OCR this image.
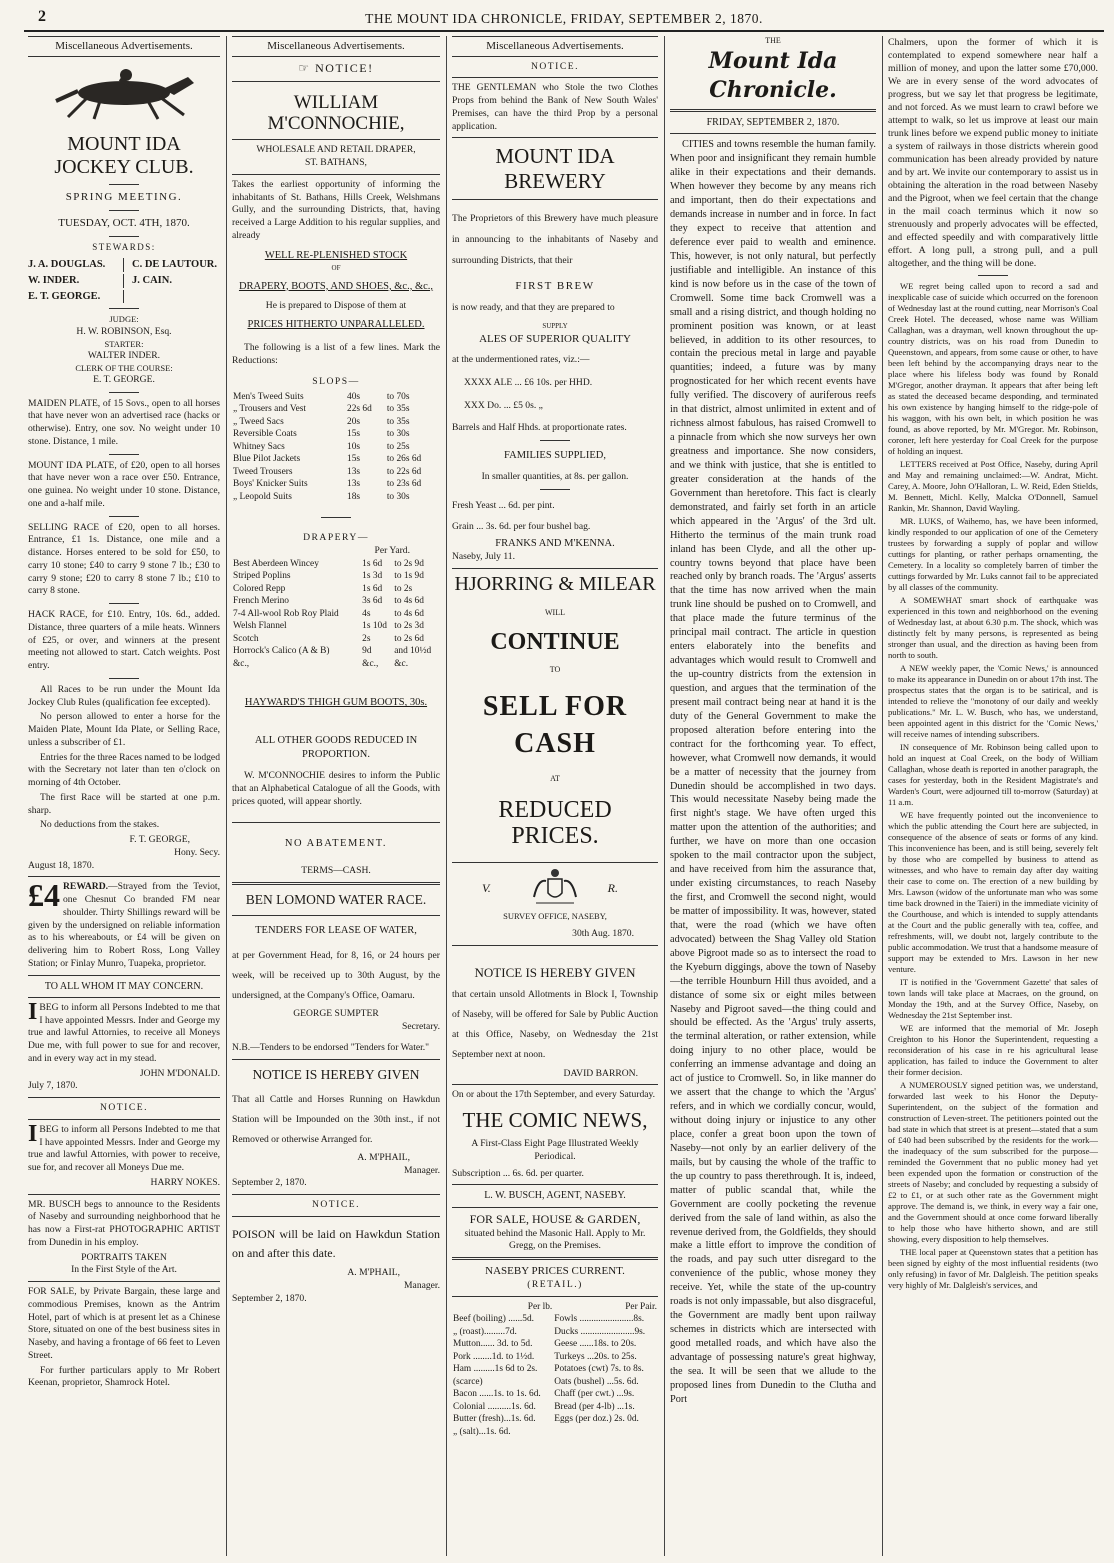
2	THE MOUNT IDA CHRONICLE, FRIDAY, SEPTEMBER 2, 1870.
Miscellaneous Advertisements.
MOUNT IDA JOCKEY CLUB.
SPRING MEETING.
TUESDAY, OCT. 4TH, 1870.
STEWARDS:
J. A. DOUGLAS.	C. DE LAUTOUR.
W. INDER.	J. CAIN.
E. T. GEORGE.
JUDGE:
H. W. ROBINSON, Esq.
STARTER:
WALTER INDER.
CLERK OF THE COURSE:
E. T. GEORGE.

MAIDEN PLATE, of 15 Sovs., open to all horses that have never won an advertised race (hacks or otherwise). Entry, one sov. No weight under 10 stone. Distance, 1 mile.

MOUNT IDA PLATE, of £20, open to all horses that have never won a race over £50. Entrance, one guinea. No weight under 10 stone. Distance, one and a-half mile.

SELLING RACE of £20, open to all horses. Entrance, £1 1s. Distance, one mile and a distance. Horses entered to be sold for £50, to carry 10 stone; £40 to carry 9 stone 7 lb.; £30 to carry 9 stone; £20 to carry 8 stone 7 lb.; £10 to carry 8 stone.

HACK RACE, for £10. Entry, 10s. 6d., added. Distance, three quarters of a mile heats. Winners of £25, or over, and winners at the present meeting not allowed to start. Catch weights. Post entry.

All Races to be run under the Mount Ida Jockey Club Rules (qualification fee excepted).

No person allowed to enter a horse for the Maiden Plate, Mount Ida Plate, or Selling Race, unless a subscriber of £1.

Entries for the three Races named to be lodged with the Secretary not later than ten o'clock on morning of 4th October.

The first Race will be started at one p.m. sharp.

No deductions from the stakes.

F. T. GEORGE,
Hony. Secy.
August 18, 1870.

£4 REWARD.—Strayed from the Teviot, one Chesnut Co branded FM near shoulder. Thirty Shillings reward will be given by the undersigned on reliable information as to his whereabouts, or £4 will be given on delivering him to Robert Ross, Long Valley Station; or Finlay Munro, Tuapeka, proprietor.

TO ALL WHOM IT MAY CONCERN.

IBEG to inform all Persons Indebted to me that I have appointed Messrs. Inder and George my true and lawful Attornies, to receive all Moneys Due me, with full power to sue for and recover, and in every way act in my stead.

JOHN M'DONALD.
July 7, 1870.
NOTICE.

IBEG to inform all Persons Indebted to me that I have appointed Messrs. Inder and George my true and lawful Attornies, with power to receive, sue for, and recover all Moneys Due me.

HARRY NOKES.

MR. BUSCH begs to announce to the Residents of Naseby and surrounding neighborhood that he has now a First-rat PHOTOGRAPHIC ARTIST from Dunedin in his employ.

PORTRAITS TAKEN
In the First Style of the Art.

FOR SALE, by Private Bargain, these large and commodious Premises, known as the Antrim Hotel, part of which is at present let as a Chinese Store, situated on one of the best business sites in Naseby, and having a frontage of 66 feet to Leven Street.

For further particulars apply to Mr Robert Keenan, proprietor, Shamrock Hotel.

Miscellaneous Advertisements.
☞ NOTICE!
WILLIAM M'CONNOCHIE,
WHOLESALE AND RETAIL DRAPER,
ST. BATHANS,

Takes the earliest opportunity of informing the inhabitants of St. Bathans, Hills Creek, Welshmans Gully, and the surrounding Districts, that, having received a Large Addition to his regular supplies, and already

WELL RE-PLENISHED STOCK
OF
DRAPERY, BOOTS, AND SHOES, &c., &c.,
He is prepared to Dispose of them at
PRICES HITHERTO UNPARALLELED.

The following is a list of a few lines. Mark the Reductions:

SLOPS—
Men's Tweed Suits	40s	to 70s
„ Trousers and Vest	22s 6d	to 35s
„ Tweed Sacs	20s	to 35s
Reversible Coats	15s	to 30s
Whitney Sacs	10s	to 25s
Blue Pilot Jackets	15s	to 26s 6d
Tweed Trousers	13s	to 22s 6d
Boys' Knicker Suits	13s	to 23s 6d
„ Leopold Suits	18s	to 30s
DRAPERY—
Per Yard.
Best Aberdeen Wincey	1s 6d	to 2s 9d
Striped Poplins	1s 3d	to 1s 9d
Colored Repp	1s 6d	to 2s
French Merino	3s 6d	to 4s 6d
7-4 All-wool Rob Roy Plaid	4s	to 4s 6d
Welsh Flannel	1s 10d	to 2s 3d
Scotch	2s	to 2s 6d
Horrock's Calico (A & B)	9d	and 10½d
&c.,	&c.,	&c.
HAYWARD'S THIGH GUM BOOTS, 30s.
ALL OTHER GOODS REDUCED IN PROPORTION.

W. M'CONNOCHIE desires to inform the Public that an Alphabetical Catalogue of all the Goods, with prices quoted, will appear shortly.

NO ABATEMENT.
TERMS—CASH.
BEN LOMOND WATER RACE.
TENDERS FOR LEASE OF WATER,

at per Government Head, for 8, 16, or 24 hours per week, will be received up to 30th August, by the undersigned, at the Company's Office, Oamaru.

GEORGE SUMPTER
Secretary.

N.B.—Tenders to be endorsed "Tenders for Water."

NOTICE IS HEREBY GIVEN

That all Cattle and Horses Running on Hawkdun Station will be Impounded on the 30th inst., if not Removed or otherwise Arranged for.

A. M'PHAIL,
Manager.
September 2, 1870.
NOTICE.

POISON will be laid on Hawkdun Station on and after this date.

A. M'PHAIL,
Manager.
September 2, 1870.
Miscellaneous Advertisements.
NOTICE.

THE GENTLEMAN who Stole the two Clothes Props from behind the Bank of New South Wales' Premises, can have the third Prop by a personal application.

MOUNT IDA BREWERY

The Proprietors of this Brewery have much pleasure in announcing to the inhabitants of Naseby and surrounding Districts, that their

FIRST BREW
is now ready, and that they are prepared to
SUPPLY
ALES OF SUPERIOR QUALITY
at the undermentioned rates, viz.:—
XXXX ALE ... £6 10s. per HHD.
XXX Do. ... £5 0s. „
Barrels and Half Hhds. at proportionate rates.
FAMILIES SUPPLIED,
In smaller quantities, at 8s. per gallon.
Fresh Yeast ... 6d. per pint.
Grain ... 3s. 6d. per four bushel bag.
FRANKS AND M'KENNA.
Naseby, July 11.
HJORRING & MILEAR
WILL
CONTINUE
TO
SELL FOR CASH
AT
REDUCED PRICES.
V.	R.
SURVEY OFFICE, NASEBY,
30th Aug. 1870.
NOTICE IS HEREBY GIVEN

that certain unsold Allotments in Block I, Township of Naseby, will be offered for Sale by Public Auction at this Office, Naseby, on Wednesday the 21st September next at noon.

DAVID BARRON.

On or about the 17th September, and every Saturday.

THE COMIC NEWS,
A First-Class Eight Page Illustrated Weekly Periodical.
Subscription ... 6s. 6d. per quarter.
L. W. BUSCH, AGENT, NASEBY.
FOR SALE, HOUSE & GARDEN,
situated behind the Masonic Hall. Apply to Mr. Gregg, on the Premises.
NASEBY PRICES CURRENT.
(RETAIL.)
Per lb.	Per Pair.
Beef (boiling) ......5d.	Fowls .......................8s.
„ (roast).........7d.	Ducks .......................9s.
Mutton...... 3d. to 5d.	Geese ......18s. to 20s.
Pork ........1d. to 1½d.	Turkeys ...20s. to 25s.
Ham .........1s 6d to 2s.	Potatoes (cwt) 7s. to 8s.
(scarce)	Oats (bushel) ...5s. 6d.
Bacon ......1s. to 1s. 6d.	Chaff (per cwt.) ...9s.
Colonial ..........1s. 6d.	Bread (per 4-lb) ...1s.
Butter (fresh)...1s. 6d.	Eggs (per doz.) 2s. 0d.
„ (salt)...1s. 6d.	
THE
Mount Ida Chronicle.
FRIDAY, SEPTEMBER 2, 1870.

CITIES and towns resemble the human family. When poor and insignificant they remain humble alike in their expectations and their demands. When however they become by any means rich and important, then do their expectations and demands increase in number and in force. In fact they expect to receive that attention and deference ever paid to wealth and eminence. This, however, is not only natural, but perfectly justifiable and intelligible. An instance of this kind is now before us in the case of the town of Cromwell. Some time back Cromwell was a small and a rising district, and though holding no prominent position was known, or at least believed, in addition to its other resources, to contain the precious metal in large and payable quantities; indeed, a future was by many prognosticated for her which recent events have fully verified. The discovery of auriferous reefs in that district, almost unlimited in extent and of richness almost fabulous, has raised Cromwell to a pinnacle from which she now surveys her own greatness and importance. She now considers, and we think with justice, that she is entitled to greater consideration at the hands of the Government than heretofore. This fact is clearly demonstrated, and fairly set forth in an article which appeared in the 'Argus' of the 3rd ult. Hitherto the terminus of the main trunk road inland has been Clyde, and all the other up-country towns beyond that place have been reached only by branch roads. The 'Argus' asserts that the time has now arrived when the main trunk line should be pushed on to Cromwell, and that place made the future terminus of the principal mail contract. The article in question enters elaborately into the benefits and advantages which would result to Cromwell and the up-country districts from the extension in question, and argues that the termination of the present mail contract being near at hand it is the duty of the General Government to make the proposed alteration before entering into the contract for the forthcoming year. To effect, however, what Cromwell now demands, it would be a matter of necessity that the journey from Dunedin should be accomplished in two days. This would necessitate Naseby being made the first night's stage. We have often urged this matter upon the attention of the authorities; and further, we have on more than one occasion spoken to the mail contractor upon the subject, and have received from him the assurance that, under existing circumstances, to reach Naseby the first, and Cromwell the second night, would be matter of impossibility. It was, however, stated that, were the road (which we have often advocated) between the Shag Valley old Station above Pigroot made so as to intersect the road to the Kyeburn diggings, above the town of Naseby—the terrible Hounburn Hill thus avoided, and a distance of some six or eight miles between Naseby and Pigroot saved—the thing could and should be effected. As the 'Argus' truly asserts, the terminal alteration, or rather extension, while doing injury to no other place, would be conferring an immense advantage and doing an act of justice to Cromwell. So, in like manner do we assert that the change to which the 'Argus' refers, and in which we cordially concur, would, without doing injury or injustice to any other place, confer a great boon upon the town of Naseby—not only by an earlier delivery of the mails, but by causing the whole of the traffic to the up country to pass therethrough. It is, indeed, matter of public scandal that, while the Government are coolly pocketing the revenue derived from the sale of land within, as also the revenue derived from, the Goldfields, they should make a little effort to improve the condition of the roads, and pay such utter disregard to the convenience of the public, whose money they receive. Yet, while the state of the up-country roads is not only impassable, but also disgraceful, the Government are madly bent upon railway schemes in districts which are intersected with good metalled roads, and which have also the advantage of possessing nature's great highway, the sea. It will be seen that we allude to the proposed lines from Dunedin to the Clutha and Port

Chalmers, upon the former of which it is contemplated to expend somewhere near half a million of money, and upon the latter some £70,000. We are in every sense of the word advocates of progress, but we say let that progress be legitimate, and not forced. As we must learn to crawl before we attempt to walk, so let us improve at least our main trunk lines before we expend public money to initiate a system of railways in those districts wherein good communication has been already provided by nature and by art. We invite our contemporary to assist us in obtaining the alteration in the road between Naseby and the Pigroot, when we feel certain that the change in the mail coach terminus which it now so strenuously and properly advocates will be effected, and effected speedily and with comparatively little effort. A long pull, a strong pull, and a pull altogether, and the thing will be done.

WE regret being called upon to record a sad and inexplicable case of suicide which occurred on the forenoon of Wednesday last at the round cutting, near Morrison's Coal Creek Hotel. The deceased, whose name was William Callaghan, was a drayman, well known throughout the up-country districts, was on his road from Dunedin to Queenstown, and appears, from some cause or other, to have been left behind by the accompanying drays near to the place where his lifeless body was found by Ronald M'Gregor, another drayman. It appears that after being left as stated the deceased became desponding, and terminated his own existence by hanging himself to the ridge-pole of his waggon, with his own belt, in which position he was found, as above reported, by Mr. M'Gregor. Mr. Robinson, coroner, left here yesterday for Coal Creek for the purpose of holding an inquest.

LETTERS received at Post Office, Naseby, during April and May and remaining unclaimed:—W. Andrat, Micht. Carey, A. Moore, John O'Halloran, L. W. Reid, Eden Stields, M. Bennett, Michl. Kelly, Malcka O'Donnell, Samuel Rankin, Mr. Shannon, David Wayling.

MR. LUKS, of Waihemo, has, we have been informed, kindly responded to our application of one of the Cemetery trustees by forwarding a supply of poplar and willow cuttings for planting, or rather perhaps ornamenting, the Cemetery. In a locality so completely barren of timber the cuttings forwarded by Mr. Luks cannot fail to be appreciated by all classes of the community.

A SOMEWHAT smart shock of earthquake was experienced in this town and neighborhood on the evening of Wednesday last, at about 6.30 p.m. The shock, which was distinctly felt by many persons, is represented as being stronger than usual, and the direction as having been from north to south.

A NEW weekly paper, the 'Comic News,' is announced to make its appearance in Dunedin on or about 17th inst. The prospectus states that the organ is to be satirical, and is intended to relieve the "monotony of our daily and weekly publications." Mr. L. W. Busch, who has, we understand, been appointed agent in this district for the 'Comic News,' will receive names of intending subscribers.

IN consequence of Mr. Robinson being called upon to hold an inquest at Coal Creek, on the body of William Callaghan, whose death is reported in another paragraph, the cases for yesterday, both in the Resident Magistrate's and Warden's Court, were adjourned till to-morrow (Saturday) at 11 a.m.

WE have frequently pointed out the inconvenience to which the public attending the Court here are subjected, in consequence of the absence of seats or forms of any kind. This inconvenience has been, and is still being, severely felt by those who are compelled by business to attend as witnesses, and who have to remain day after day waiting their case to come on. The erection of a new building by Mrs. Lawson (widow of the unfortunate man who was some time back drowned in the Taieri) in the immediate vicinity of the Courthouse, and which is intended to supply attendants at the Court and the public generally with tea, coffee, and refreshments, will, we doubt not, largely contribute to the public accommodation. We trust that a handsome measure of support may be extended to Mrs. Lawson in her new venture.

IT is notified in the 'Government Gazette' that sales of town lands will take place at Macraes, on the ground, on Monday the 19th, and at the Survey Office, Naseby, on Wednesday the 21st September inst.

WE are informed that the memorial of Mr. Joseph Creighton to his Honor the Superintendent, requesting a reconsideration of his case in re his agricultural lease application, has failed to induce the Government to alter their former decision.

A NUMEROUSLY signed petition was, we understand, forwarded last week to his Honor the Deputy-Superintendent, on the subject of the formation and construction of Leven-street. The petitioners pointed out the bad state in which that street is at present—stated that a sum of £40 had been subscribed by the residents for the work—the inadequacy of the sum subscribed for the purpose—reminded the Government that no public money had yet been expended upon the formation or construction of the streets of Naseby; and concluded by requesting a subsidy of £2 to £1, or at such other rate as the Government might approve. The demand is, we think, in every way a fair one, and the Government should at once come forward liberally to help those who have hitherto shown, and are still showing, every disposition to help themselves.

THE local paper at Queenstown states that a petition has been signed by eighty of the most influential residents (two only refusing) in favor of Mr. Dalgleish. The petition speaks very highly of Mr. Dalgleish's services, and
